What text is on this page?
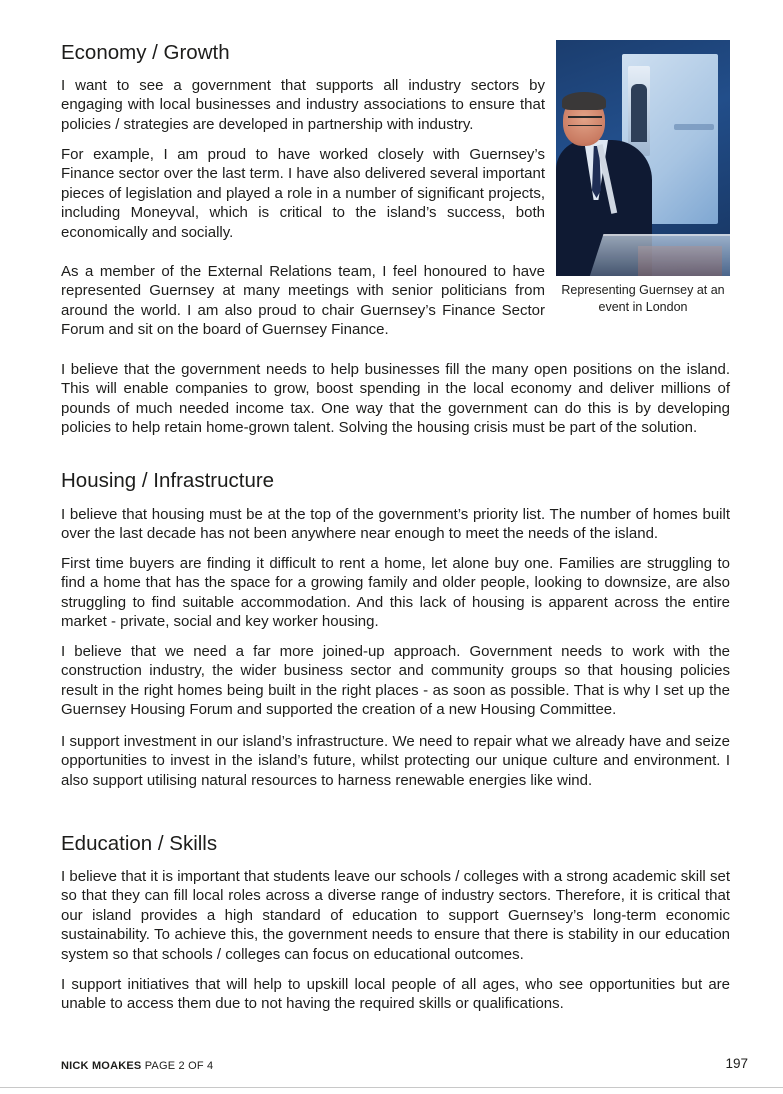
Economy / Growth

I want to see a government that supports all industry sectors by engaging with local businesses and industry associations to ensure that policies / strategies are developed in partnership with industry.

For example, I am proud to have worked closely with Guernsey’s Finance sector over the last term. I have also delivered several important pieces of legislation and played a role in a number of significant projects, including Moneyval, which is critical to the island’s success, both economically and socially.

As a member of the External Relations team, I feel honoured to have represented Guernsey at many meetings with senior politicians from around the world. I am also proud to chair Guernsey’s Finance Sector Forum and sit on the board of Guernsey Finance.

Representing Guernsey at an event in London

I believe that the government needs to help businesses fill the many open positions on the island. This will enable companies to grow, boost spending in the local economy and deliver millions of pounds of much needed income tax. One way that the government can do this is by developing policies to help retain home-grown talent. Solving the housing crisis must be part of the solution.

Housing / Infrastructure

I believe that housing must be at the top of the government’s priority list. The number of homes built over the last decade has not been anywhere near enough to meet the needs of the island.

First time buyers are finding it difficult to rent a home, let alone buy one. Families are struggling to find a home that has the space for a growing family and older people, looking to downsize, are also struggling to find suitable accommodation. And this lack of housing is apparent across the entire market - private, social and key worker housing.

I believe that we need a far more joined-up approach. Government needs to work with the construction industry, the wider business sector and community groups so that housing policies result in the right homes being built in the right places - as soon as possible. That is why I set up the Guernsey Housing Forum and supported the creation of a new Housing Committee.

I support investment in our island’s infrastructure. We need to repair what we already have and seize opportunities to invest in the island’s future, whilst protecting our unique culture and environment. I also support utilising natural resources to harness renewable energies like wind.

Education / Skills

I believe that it is important that students leave our schools / colleges with a strong academic skill set so that they can fill local roles across a diverse range of industry sectors. Therefore, it is critical that our island provides a high standard of education to support Guernsey’s long-term economic sustainability. To achieve this, the government needs to ensure that there is stability in our education system so that schools / colleges can focus on educational outcomes.

I support initiatives that will help to upskill local people of all ages, who see opportunities but are unable to access them due to not having the required skills or qualifications.

NICK MOAKES PAGE 2 OF 4	197
